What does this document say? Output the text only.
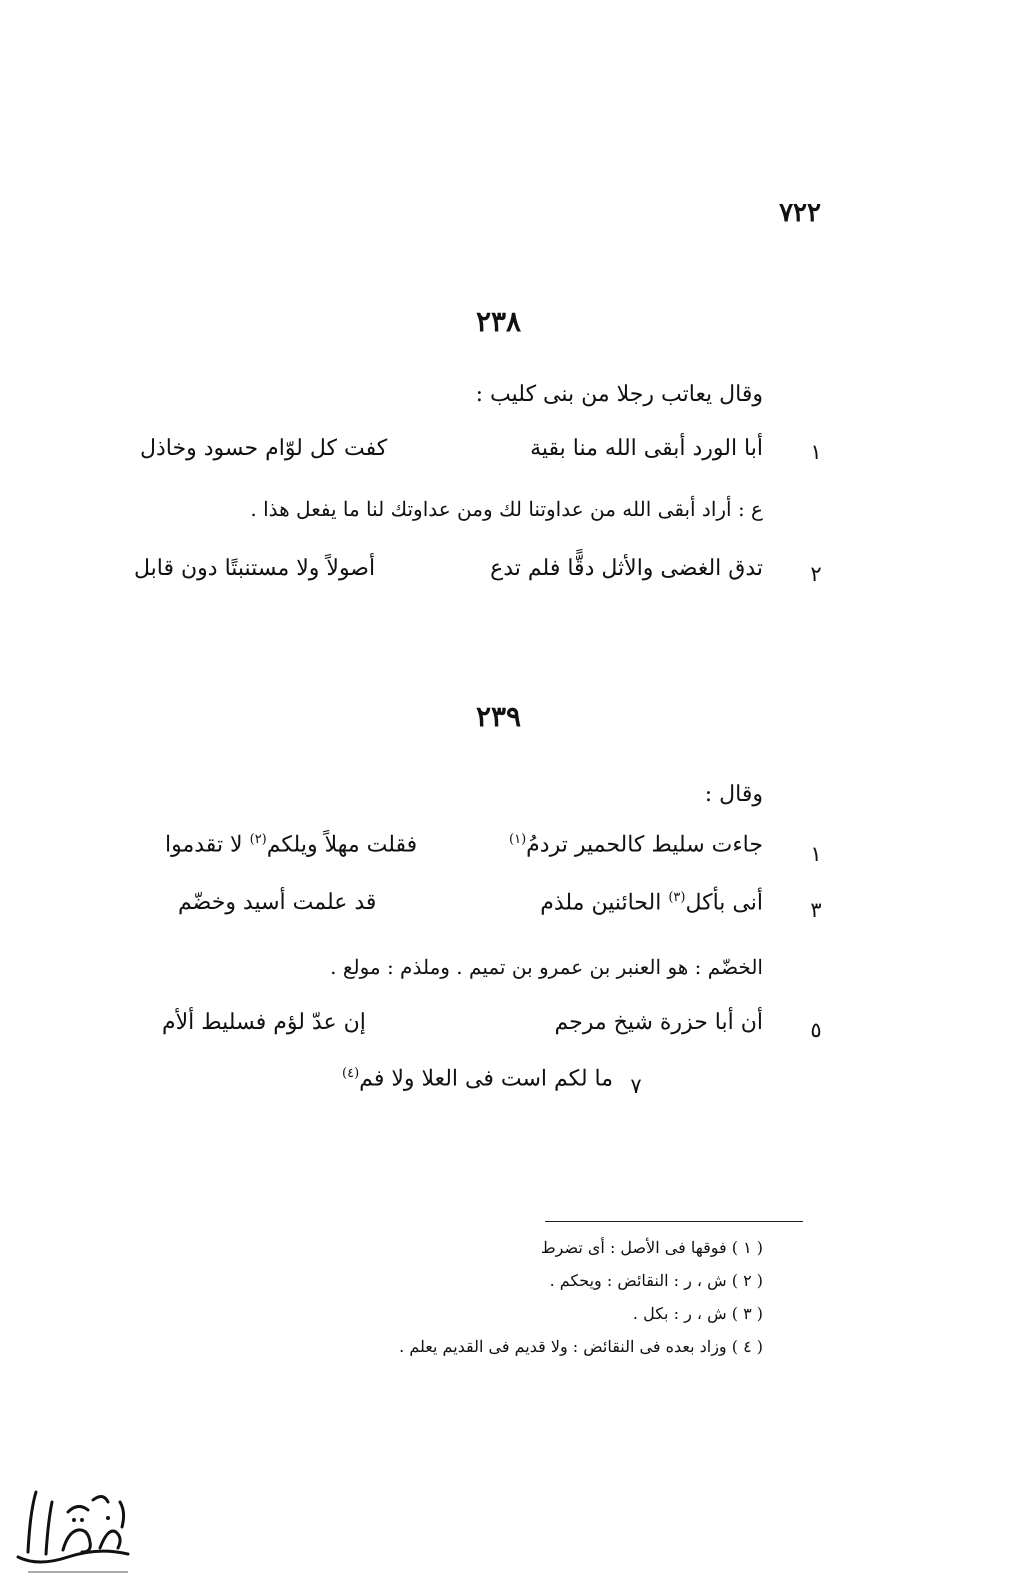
٧٢٢
٢٣٨
وقال يعاتب رجلا من بنى كليب :
١
أبا الورد أبقى الله منا بقية
كفت كل لوّام حسود وخاذل
ع : أراد أبقى الله من عداوتنا لك ومن عداوتك لنا ما يفعل هذا .
٢
تدق الغضى والأثل دقًّا فلم تدع
أصولاً ولا مستنبتًا دون قابل
٢٣٩
وقال :
١
جاءت سليط كالحمير تردمُ$^{(١)}$
فقلت مهلاً ويلكم$^{(٢)}$ لا تقدموا
٣
أنى بأكل$^{(٣)}$ الحائنين ملذم
قد علمت أسيد وخضّم
الخضّم : هو العنبر بن عمرو بن تميم . وملذم : مولع .
٥
أن أبا حزرة شيخ مرجم
إن عدّ لؤم فسليط ألأم
٧
ما لكم است فى العلا ولا فم$^{(٤)}$
( ١ ) فوقها فى الأصل : أى تضرط
( ٢ ) ش ، ر : النقائض : ويحكم .
( ٣ ) ش ، ر : بكل .
( ٤ ) وزاد بعده فى النقائض : ولا قديم فى القديم يعلم .
